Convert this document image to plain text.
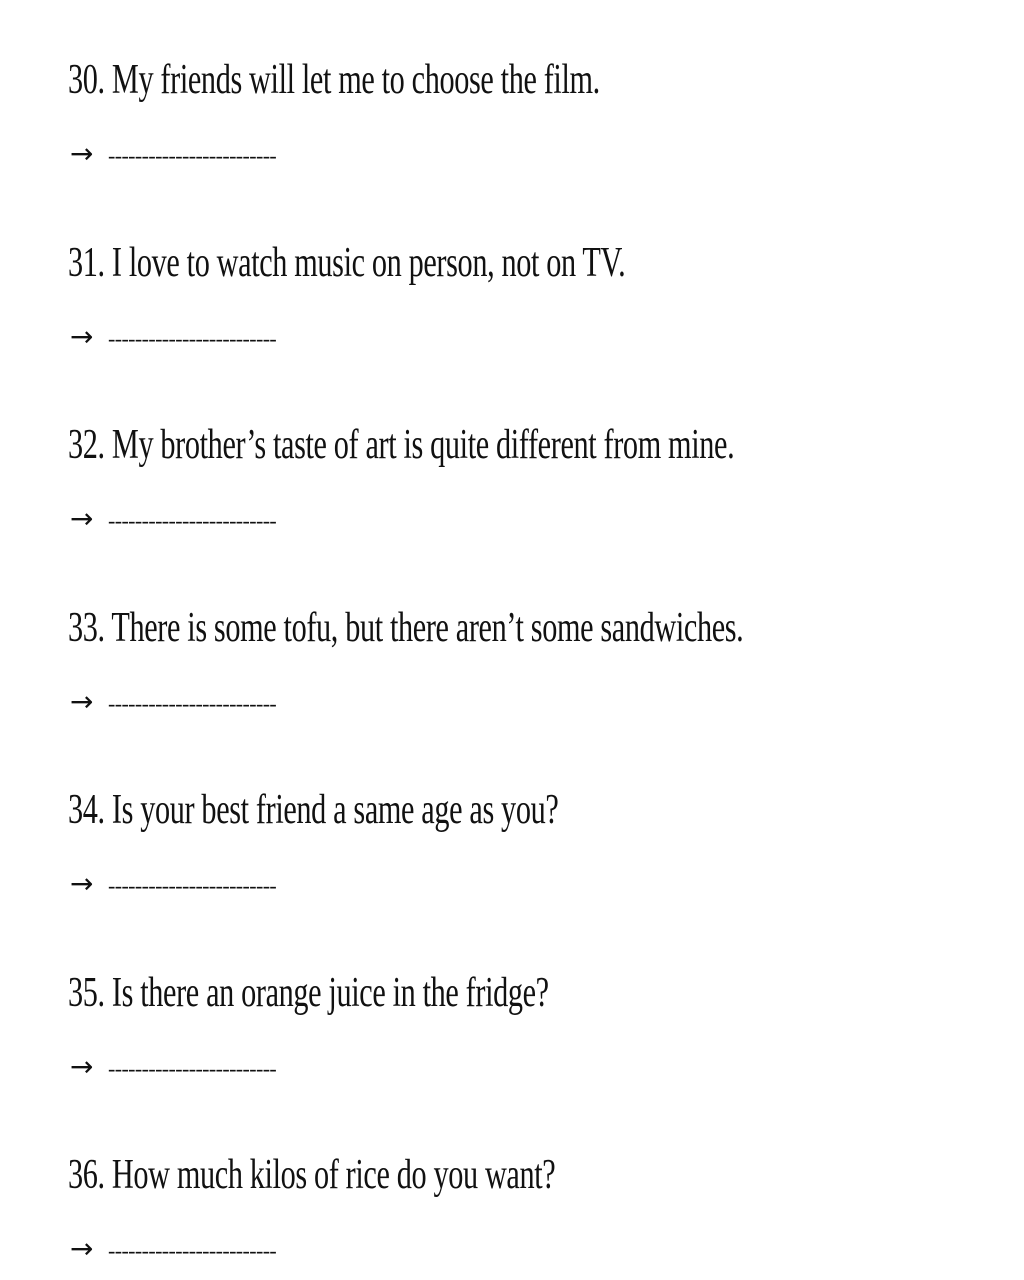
30. My friends will let me to choose the film.
→ -------------------------
31. I love to watch music on person, not on TV.
→ -------------------------
32. My brother’s taste of art is quite different from mine.
→ -------------------------
33. There is some tofu, but there aren’t some sandwiches.
→ -------------------------
34. Is your best friend a same age as you?
→ -------------------------
35. Is there an orange juice in the fridge?
→ -------------------------
36. How much kilos of rice do you want?
→ -------------------------
